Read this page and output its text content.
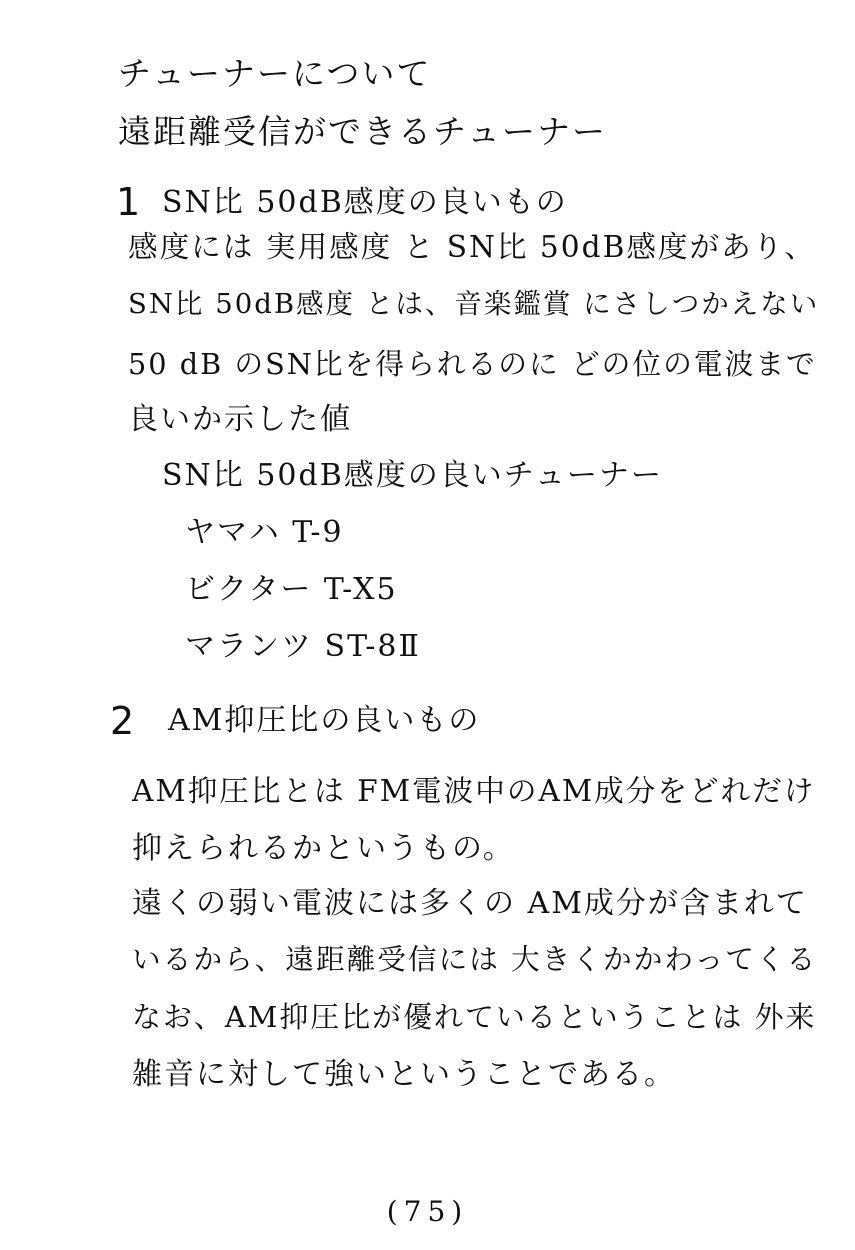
チューナーについて
遠距離受信ができるチューナー
1 SN比 50dB感度の良いもの
感度には 実用感度 と SN比 50dB感度があり、
SN比 50dB感度 とは、音楽鑑賞 にさしつかえない
50 dB のSN比を得られるのに どの位の電波まで
良いか示した値
SN比 50dB感度の良いチューナー
ヤマハ T-9
ビクター T-X5
マランツ ST-8Ⅱ
2 AM抑圧比の良いもの
AM抑圧比とは FM電波中のAM成分をどれだけ
抑えられるかというもの。
遠くの弱い電波には多くの AM成分が含まれて
いるから、遠距離受信には 大きくかかわってくる
なお、AM抑圧比が優れているということは 外来
雑音に対して強いということである。
(75)
